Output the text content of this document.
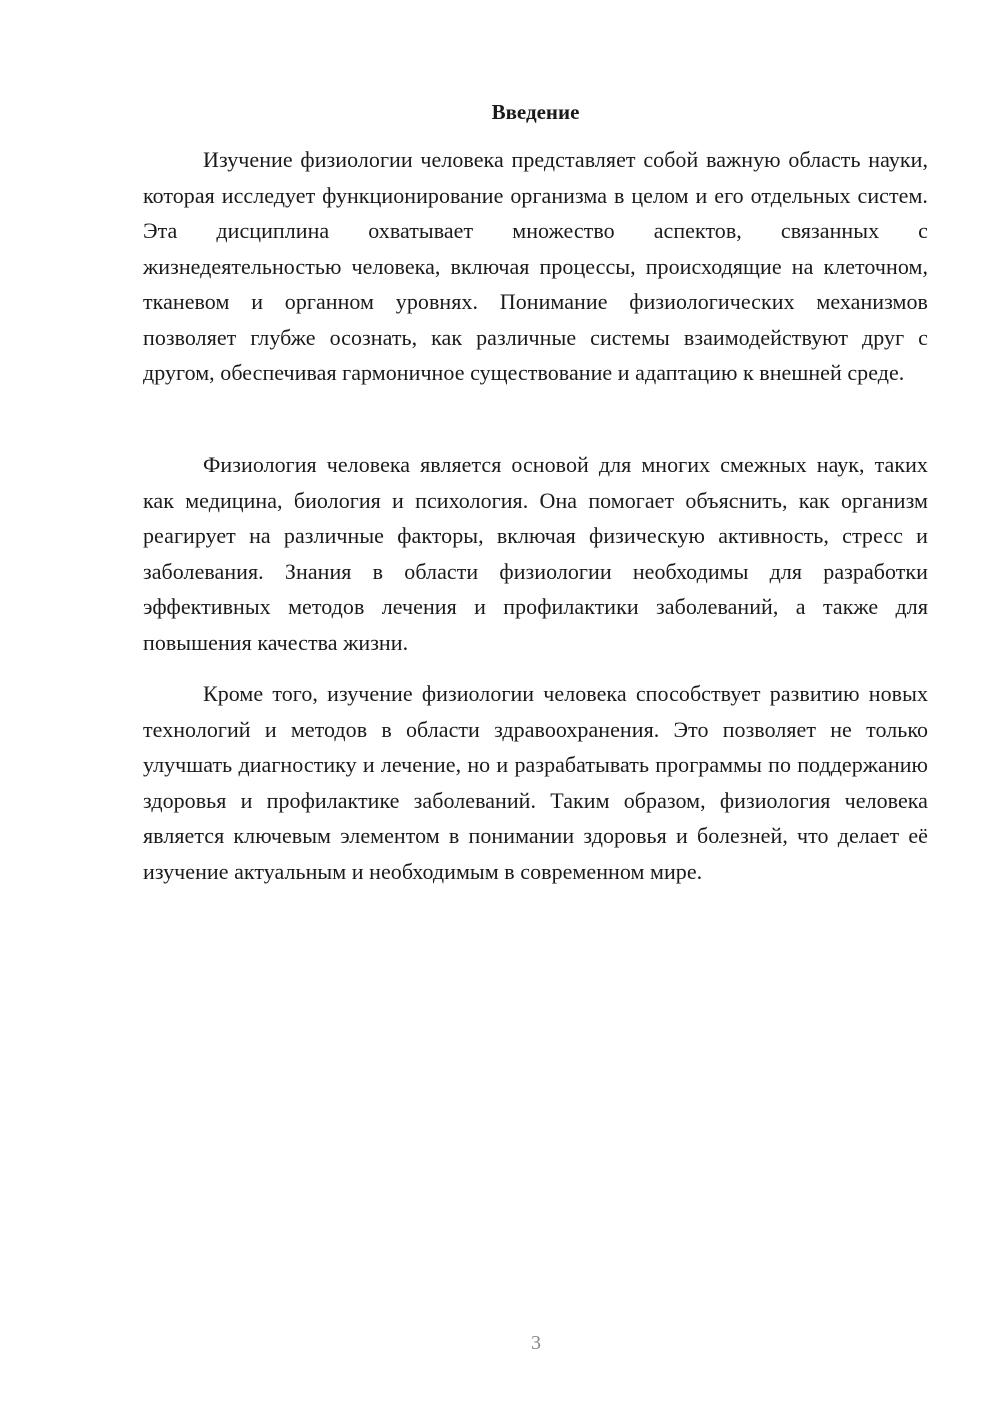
Введение

Изучение физиологии человека представляет собой важную область науки, которая исследует функционирование организма в целом и его отдельных систем. Эта дисциплина охватывает множество аспектов, связанных с жизнедеятельностью человека, включая процессы, происходящие на клеточном, тканевом и органном уровнях. Понимание физиологических механизмов позволяет глубже осознать, как различные системы взаимодействуют друг с другом, обеспечивая гармоничное существование и адаптацию к внешней среде.

Физиология человека является основой для многих смежных наук, таких как медицина, биология и психология. Она помогает объяснить, как организм реагирует на различные факторы, включая физическую активность, стресс и заболевания. Знания в области физиологии необходимы для разработки эффективных методов лечения и профилактики заболеваний, а также для повышения качества жизни.

Кроме того, изучение физиологии человека способствует развитию новых технологий и методов в области здравоохранения. Это позволяет не только улучшать диагностику и лечение, но и разрабатывать программы по поддержанию здоровья и профилактике заболеваний. Таким образом, физиология человека является ключевым элементом в понимании здоровья и болезней, что делает её изучение актуальным и необходимым в современном мире.

3
